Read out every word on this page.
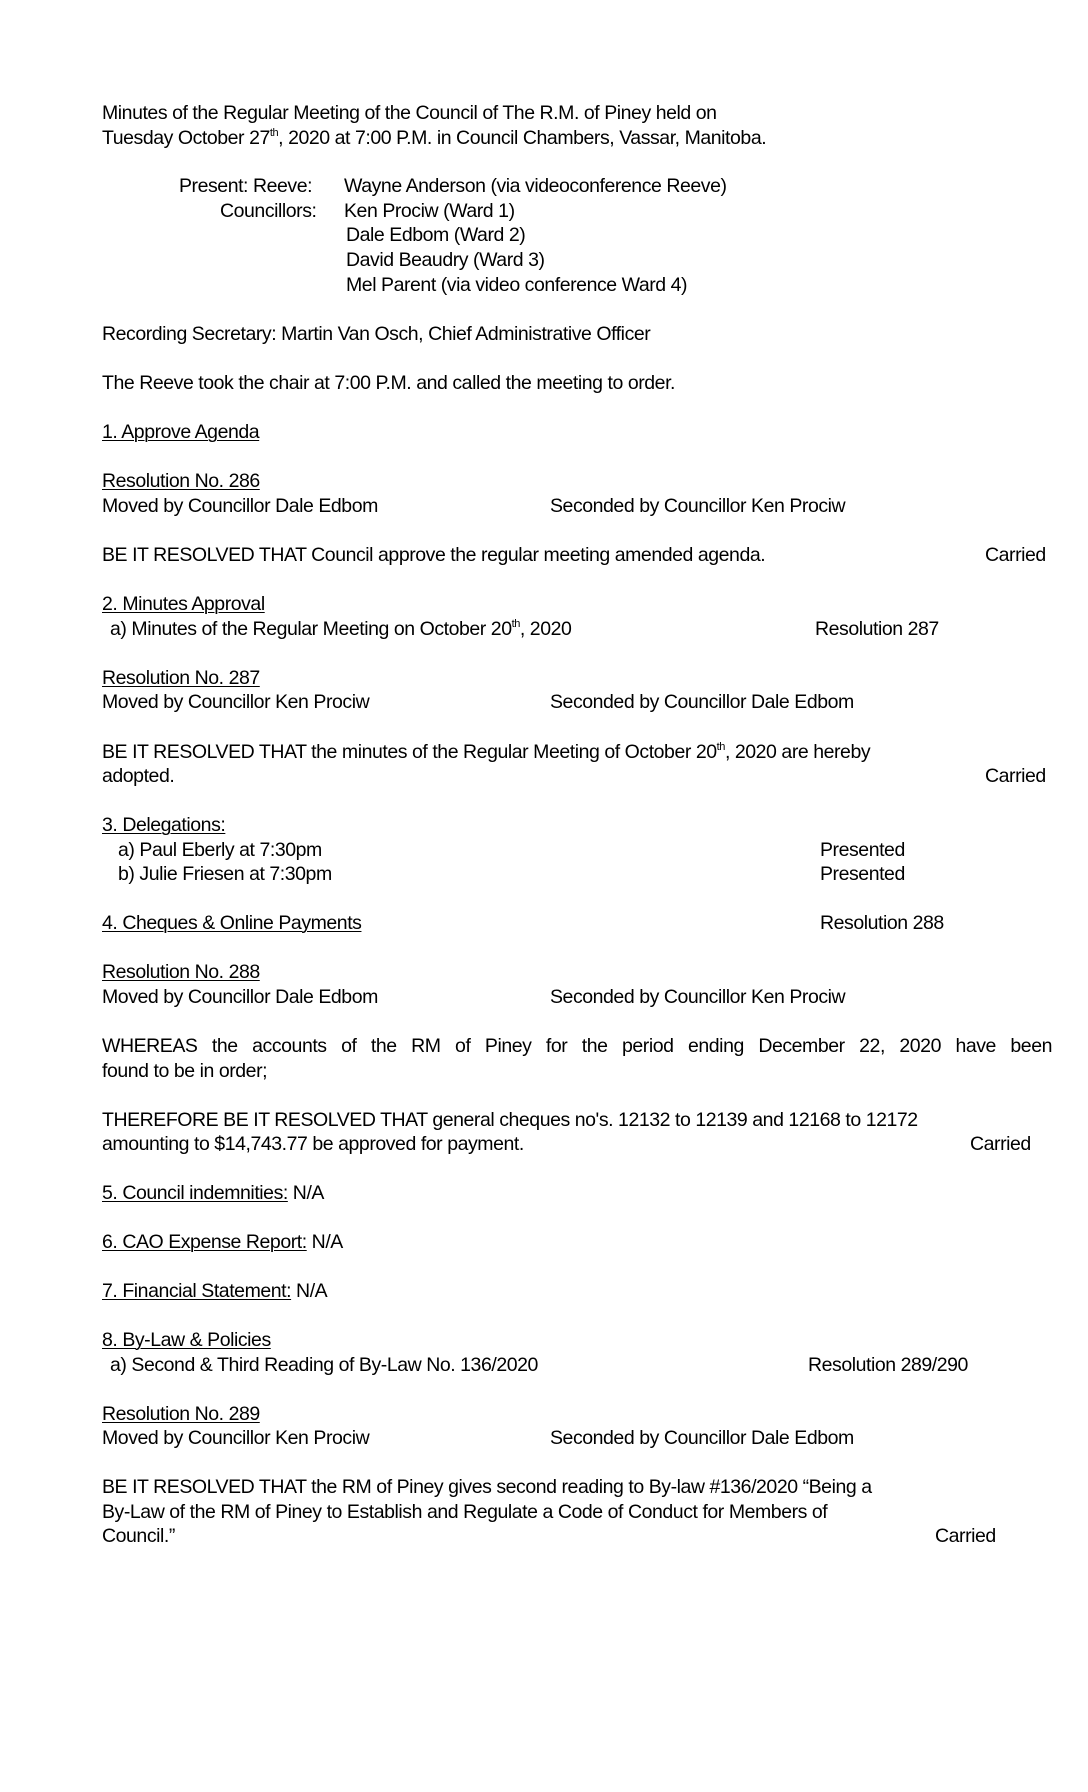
Minutes of the Regular Meeting of the Council of The R.M. of Piney held on
Tuesday October 27th, 2020 at 7:00 P.M. in Council Chambers, Vassar, Manitoba.
Present: Reeve: Wayne Anderson (via videoconference Reeve)
Councillors: Ken Prociw (Ward 1)
Dale Edbom (Ward 2)
David Beaudry (Ward 3)
Mel Parent (via video conference Ward 4)
Recording Secretary: Martin Van Osch, Chief Administrative Officer
The Reeve took the chair at 7:00 P.M. and called the meeting to order.
1. Approve Agenda
Resolution No. 286
Moved by Councillor Dale Edbom	Seconded by Councillor Ken Prociw
BE IT RESOLVED THAT Council approve the regular meeting amended agenda.	Carried
2. Minutes Approval
a) Minutes of the Regular Meeting on October 20th, 2020	Resolution 287
Resolution No. 287
Moved by Councillor Ken Prociw	Seconded by Councillor Dale Edbom
BE IT RESOLVED THAT the minutes of the Regular Meeting of October 20th, 2020 are hereby
adopted.	Carried
3. Delegations:
a) Paul Eberly at 7:30pm	Presented
b) Julie Friesen at 7:30pm	Presented
4. Cheques & Online Payments	Resolution 288
Resolution No. 288
Moved by Councillor Dale Edbom	Seconded by Councillor Ken Prociw
WHEREAS the accounts of the RM of Piney for the period ending December 22, 2020 have been
found to be in order;
THEREFORE BE IT RESOLVED THAT general cheques no's. 12132 to 12139 and 12168 to 12172
amounting to $14,743.77 be approved for payment.	Carried
5. Council indemnities: N/A
6. CAO Expense Report: N/A
7. Financial Statement: N/A
8. By-Law & Policies
a) Second & Third Reading of By-Law No. 136/2020	Resolution 289/290
Resolution No. 289
Moved by Councillor Ken Prociw	Seconded by Councillor Dale Edbom
BE IT RESOLVED THAT the RM of Piney gives second reading to By-law #136/2020 “Being a
By-Law of the RM of Piney to Establish and Regulate a Code of Conduct for Members of
Council.”	Carried
